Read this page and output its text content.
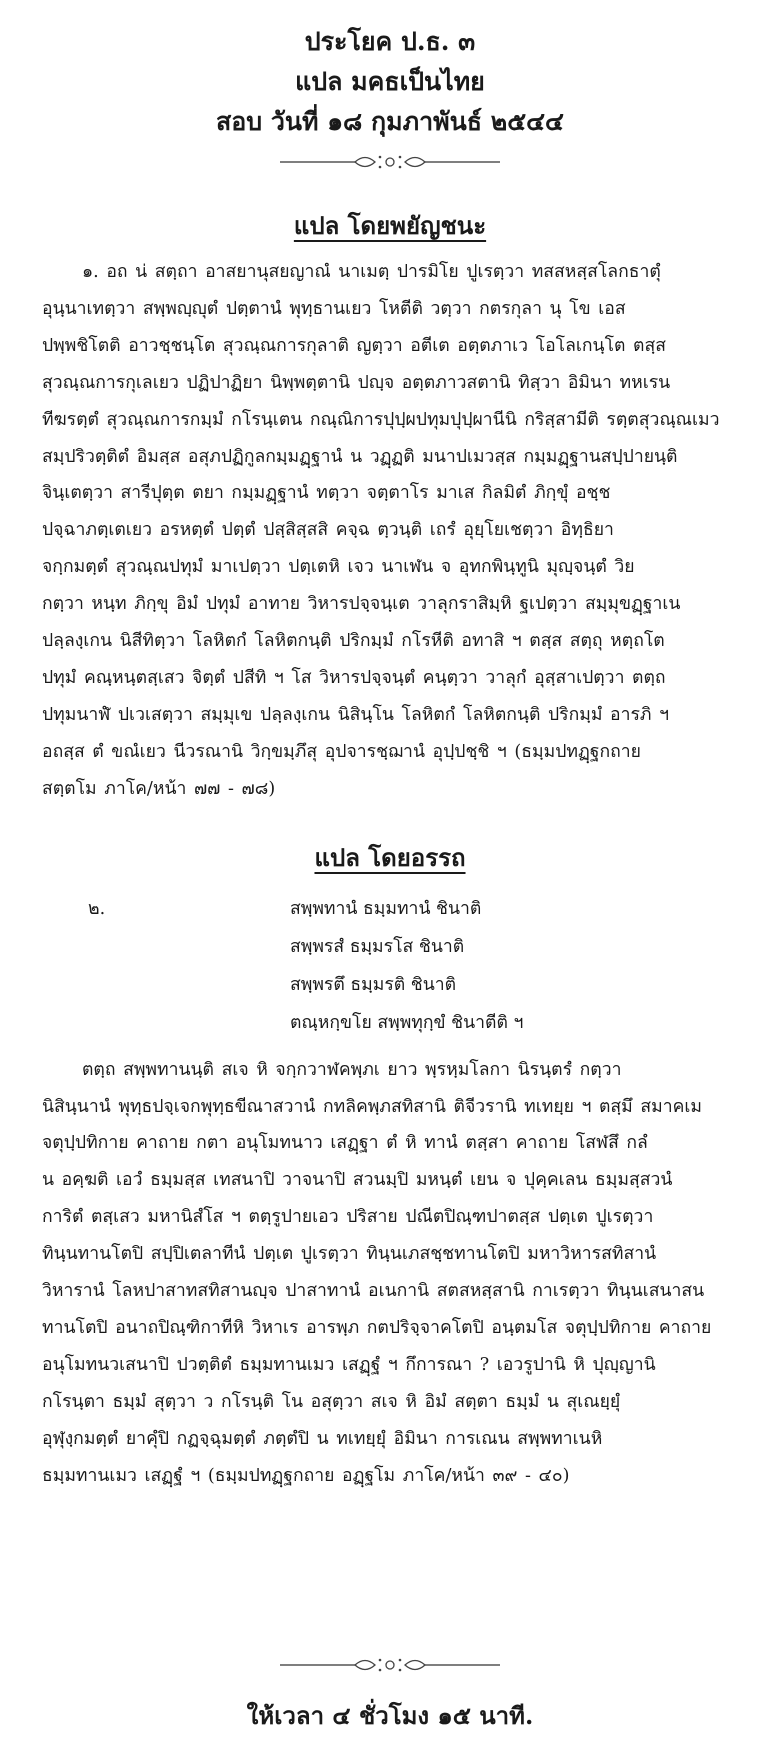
ประโยค ป.ธ. ๓
แปล มคธเป็นไทย
สอบ วันที่ ๑๘ กุมภาพันธ์ ๒๕๔๔
แปล โดยพยัญชนะ
๑. อถ น่ สตฺถา อาสยานุสยญาณํ นาเมตฺ ปารมิโย ปูเรตฺวา ทสสหสฺสโลกธาตุํ
อุนฺนาเทตฺวา สพฺพญฺญุตํ ปตฺตานํ พุทฺธานเยว โหตีติ วตฺวา กตรกุลา นุ โข เอส
ปพฺพชิโตติ อาวชฺชนฺโต สุวณฺณการกุลาติ ญตฺวา อตีเต อตฺตภาเว โอโลเกนฺโต ตสฺส
สุวณฺณการกุเลเยว ปฏิปาฏิยา นิพฺพตฺตานิ ปญฺจ อตฺตภาวสตานิ ทิสฺวา อิมินา ทหเรน
ทีฆรตฺตํ สุวณฺณการกมฺมํ กโรนฺเตน กณฺณิการปุปฺผปทุมปุปฺผานีนิ กริสฺสามีติ รตฺตสุวณฺณเมว
สมฺปริวตฺติตํ อิมสฺส อสุภปฏิกูลกมฺมฏฺฐานํ น วฏฺฏติ มนาปเมวสฺส กมฺมฏฺฐานสปฺปายนฺติ
จินฺเตตฺวา สารีปุตฺต ตยา กมฺมฏฺฐานํ ทตฺวา จตฺตาโร มาเส กิลมิตํ ภิกฺขุํ อชฺช
ปจฺฉาภตฺเตเยว อรหตฺตํ ปตฺตํ ปสฺสิสฺสสิ คจฺฉ ตฺวนฺติ เถรํ อุยฺโยเชตฺวา อิทฺธิยา
จกฺกมตฺตํ สุวณฺณปทุมํ มาเปตฺวา ปตฺเตหิ เจว นาเฬน จ อุทกพินฺทูนิ มุญฺจนฺตํ วิย
กตฺวา หนฺท ภิกฺขุ อิมํ ปทุมํ อาทาย วิหารปจฺจนฺเต วาลุกราสิมฺหิ ฐเปตฺวา สมฺมุขฏฺฐาเน
ปลฺลงฺเกน นิสีทิตฺวา โลหิตกํ โลหิตกนฺติ ปริกมฺมํ กโรหีติ อทาสิ ฯ ตสฺส สตฺถุ หตฺถโต
ปทุมํ คณฺหนฺตสฺเสว จิตฺตํ ปสีทิ ฯ โส วิหารปจฺจนฺตํ คนฺตฺวา วาลุกํ อุสฺสาเปตฺวา ตตฺถ
ปทุมนาฬํ ปเวเสตฺวา สมฺมุเข ปลฺลงฺเกน นิสินฺโน โลหิตกํ โลหิตกนฺติ ปริกมฺมํ อารภิ ฯ
อถสฺส ตํ ขณํเยว นีวรณานิ วิกฺขมฺภึสุ อุปจารชฺฌานํ อุปฺปชฺชิ ฯ (ธมฺมปทฏฺฐกถาย
สตฺตโม ภาโค/หน้า ๗๗ - ๗๘)
แปล โดยอรรถ
๒.	สพฺพทานํ ธมฺมทานํ ชินาติ
สพฺพรสํ ธมฺมรโส ชินาติ
สพฺพรตึ ธมฺมรติ ชินาติ
ตณฺหกฺขโย สพฺพทุกฺขํ ชินาตีติ ฯ
ตตฺถ สพฺพทานนฺติ สเจ หิ จกฺกวาฬคพฺภเ ยาว พฺรหฺมโลกา นิรนฺตรํ กตฺวา
นิสินฺนานํ พุทฺธปจฺเจกพุทฺธขีณาสวานํ กทลิคพฺภสทิสานิ ติจีวรานิ ทเทยฺย ฯ ตสฺมึ สมาคเม
จตุปฺปทิกาย คาถาย กตา อนุโมทนาว เสฏฺฐา ตํ หิ ทานํ ตสฺสา คาถาย โสฬสึ กลํ
น อคฺฆติ เอวํ ธมฺมสฺส เทสนาปิ วาจนาปิ สวนมฺปิ มหนฺตํ เยน จ ปุคฺคเลน ธมฺมสฺสวนํ
การิตํ ตสฺเสว มหานิสํโส ฯ ตตฺรูปายเอว ปริสาย ปณีตปิณฺฑปาตสฺส ปตฺเต ปูเรตฺวา
ทินฺนทานโตปิ สปฺปิเตลาทีนํ ปตฺเต ปูเรตฺวา ทินฺนเภสชฺชทานโตปิ มหาวิหารสทิสานํ
วิหารานํ โลหปาสาทสทิสานญฺจ ปาสาทานํ อเนกานิ สตสหสฺสานิ กาเรตฺวา ทินฺนเสนาสน
ทานโตปิ อนาถปิณฺฑิกาทีหิ วิหาเร อารพฺภ กตปริจฺจาคโตปิ อนฺตมโส จตุปฺปทิกาย คาถาย
อนุโมทนวเสนาปิ ปวตฺติตํ ธมฺมทานเมว เสฏฺฐํ ฯ กึการณา ? เอวรูปานิ หิ ปุญฺญานิ
กโรนฺตา ธมฺมํ สุตฺวา ว กโรนฺติ โน อสุตฺวา สเจ หิ อิมํ สตฺตา ธมฺมํ น สุเณยฺยุํ
อุฬุงฺกมตฺตํ ยาคุํปิ กฏจฺฉุมตฺตํ ภตฺตํปิ น ทเทยฺยุํ อิมินา การเณน สพฺพทาเนหิ
ธมฺมทานเมว เสฏฺฐํ ฯ (ธมฺมปทฏฺฐกถาย อฏฺฐโม ภาโค/หน้า ๓๙ - ๔๐)
ให้เวลา ๔ ชั่วโมง ๑๕ นาที.
